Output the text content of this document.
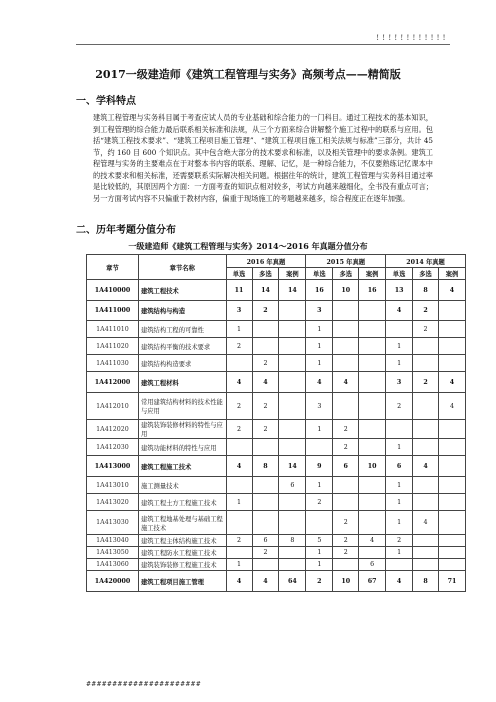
! ! ! ! ! ! ! ! ! ! ! !
2017一级建造师《建筑工程管理与实务》高频考点——精简版
一、学科特点
建筑工程管理与实务科目属于考查应试人员的专业基础和综合能力的一门科目。通过工程技术的基本知识，到工程管理的综合能力最后联系相关标准和法规，从三个方面来综合讲解整个施工过程中的联系与应用。包括“建筑工程技术要求”、“建筑工程项目施工管理”、“建筑工程项目施工相关法规与标准”三部分，共计 45 节，约 160 目 600 个知识点。其中包含绝大部分的技术要求和标准，以及相关管理中的要求条例。建筑工程管理与实务的主要难点在于对整本书内容的联系、理解、记忆，是一种综合能力，不仅要熟练记忆课本中的技术要求和相关标准，还需要联系实际解决相关问题。根据往年的统计，建筑工程管理与实务科目通过率是比较低的，其原因两个方面：一方面考查的知识点相对较多，考试方向越来越细化，全书没有重点可言；另一方面考试内容不只偏重于教材内容，偏重于现场施工的考题越来越多，综合程度正在逐年加强。
二、历年考题分值分布
一级建造师《建筑工程管理与实务》2014～2016 年真题分值分布
章节	章节名称	2016 年真题			2015 年真题			2014 年真题		
		单选	多选	案例	单选	多选	案例	单选	多选	案例
1A410000	建筑工程技术	11	14	14	16	10	16	13	8	4
1A411000	建筑结构与构造	3	2		3			4	2	
1A411010	建筑结构工程的可靠性	1			1				2	
1A411020	建筑结构平衡的技术要求	2			1			1		
1A411030	建筑结构构造要求		2		1			1		
1A412000	建筑工程材料	4	4		4	4		3	2	4
1A412010	常用建筑结构材料的技术性能与应用	2	2		3			2		4
1A412020	建筑装饰装修材料的特性与应用	2	2		1	2				
1A412030	建筑功能材料的特性与应用					2		1		
1A413000	建筑工程施工技术	4	8	14	9	6	10	6	4	
1A413010	施工测量技术			6	1			1		
1A413020	建筑工程土方工程施工技术	1			2			1		
1A413030	建筑工程地基处理与基础工程施工技术					2		1	4	
1A413040	建筑工程主体结构施工技术	2	6	8	5	2	4	2		
1A413050	建筑工程防水工程施工技术		2		1	2		1		
1A413060	建筑装饰装修工程施工技术	1			1		6			
1A420000	建筑工程项目施工管理	4	4	64	2	10	67	4	8	71
######################
